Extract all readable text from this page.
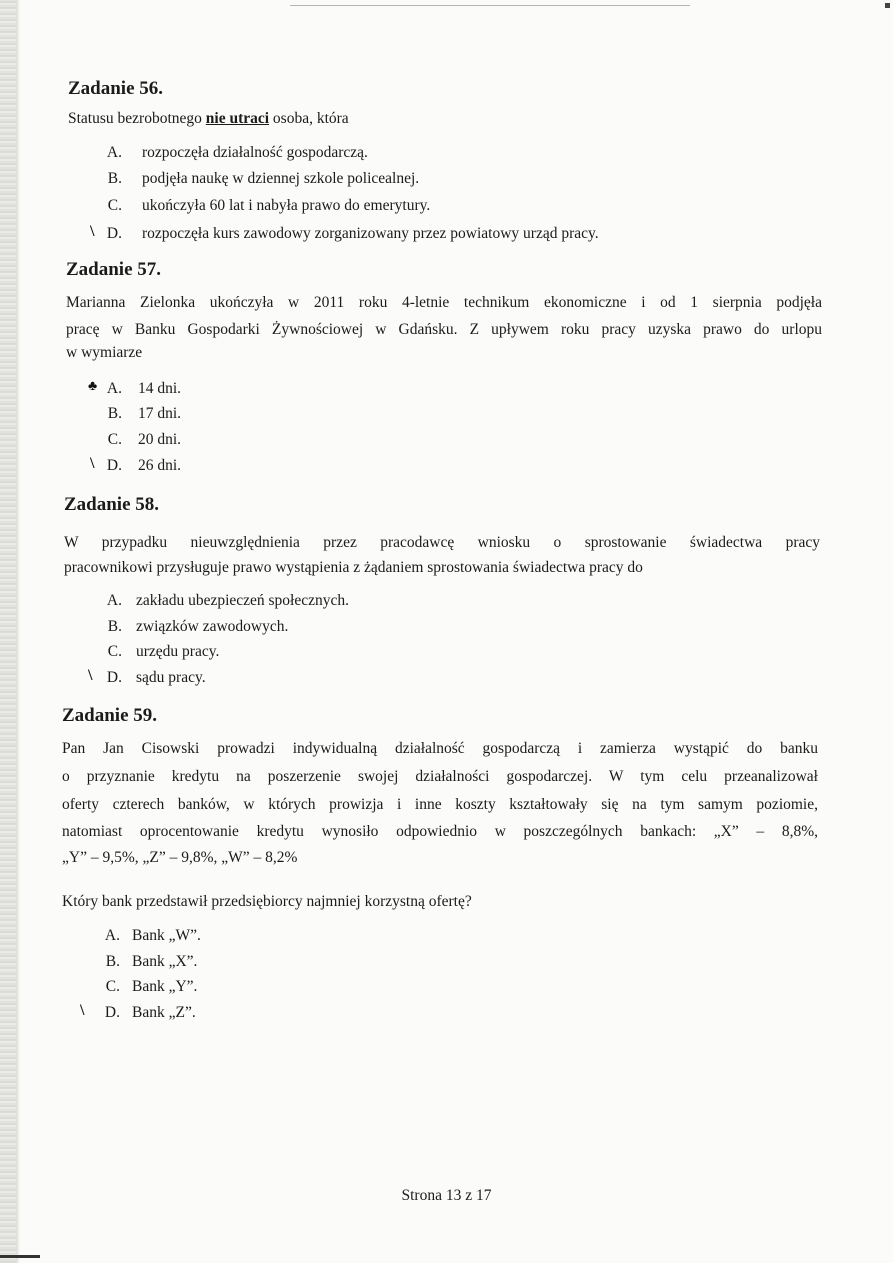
Zadanie 56.
Statusu bezrobotnego nie utraci osoba, która
A. rozpoczęła działalność gospodarczą.
B. podjęła naukę w dziennej szkole policealnej.
C. ukończyła 60 lat i nabyła prawo do emerytury.
D. rozpoczęła kurs zawodowy zorganizowany przez powiatowy urząd pracy.
\
Zadanie 57.
Marianna Zielonka ukończyła w 2011 roku 4-letnie technikum ekonomiczne i od 1 sierpnia podjęła
pracę w Banku Gospodarki Żywnościowej w Gdańsku. Z upływem roku pracy uzyska prawo do urlopu
w wymiarze
A. 14 dni.
♣
B. 17 dni.
C. 20 dni.
D. 26 dni.
\
Zadanie 58.
W przypadku nieuwzględnienia przez pracodawcę wniosku o sprostowanie świadectwa pracy
pracownikowi przysługuje prawo wystąpienia z żądaniem sprostowania świadectwa pracy do
A. zakładu ubezpieczeń społecznych.
B. związków zawodowych.
C. urzędu pracy.
D. sądu pracy.
\
Zadanie 59.
Pan Jan Cisowski prowadzi indywidualną działalność gospodarczą i zamierza wystąpić do banku
o przyznanie kredytu na poszerzenie swojej działalności gospodarczej. W tym celu przeanalizował
oferty czterech banków, w których prowizja i inne koszty kształtowały się na tym samym poziomie,
natomiast oprocentowanie kredytu wynosiło odpowiednio w poszczególnych bankach: „X” – 8,8%,
„Y” – 9,5%, „Z” – 9,8%, „W” – 8,2%
Który bank przedstawił przedsiębiorcy najmniej korzystną ofertę?
A. Bank „W”.
B. Bank „X”.
C. Bank „Y”.
D. Bank „Z”.
\
Strona 13 z 17
